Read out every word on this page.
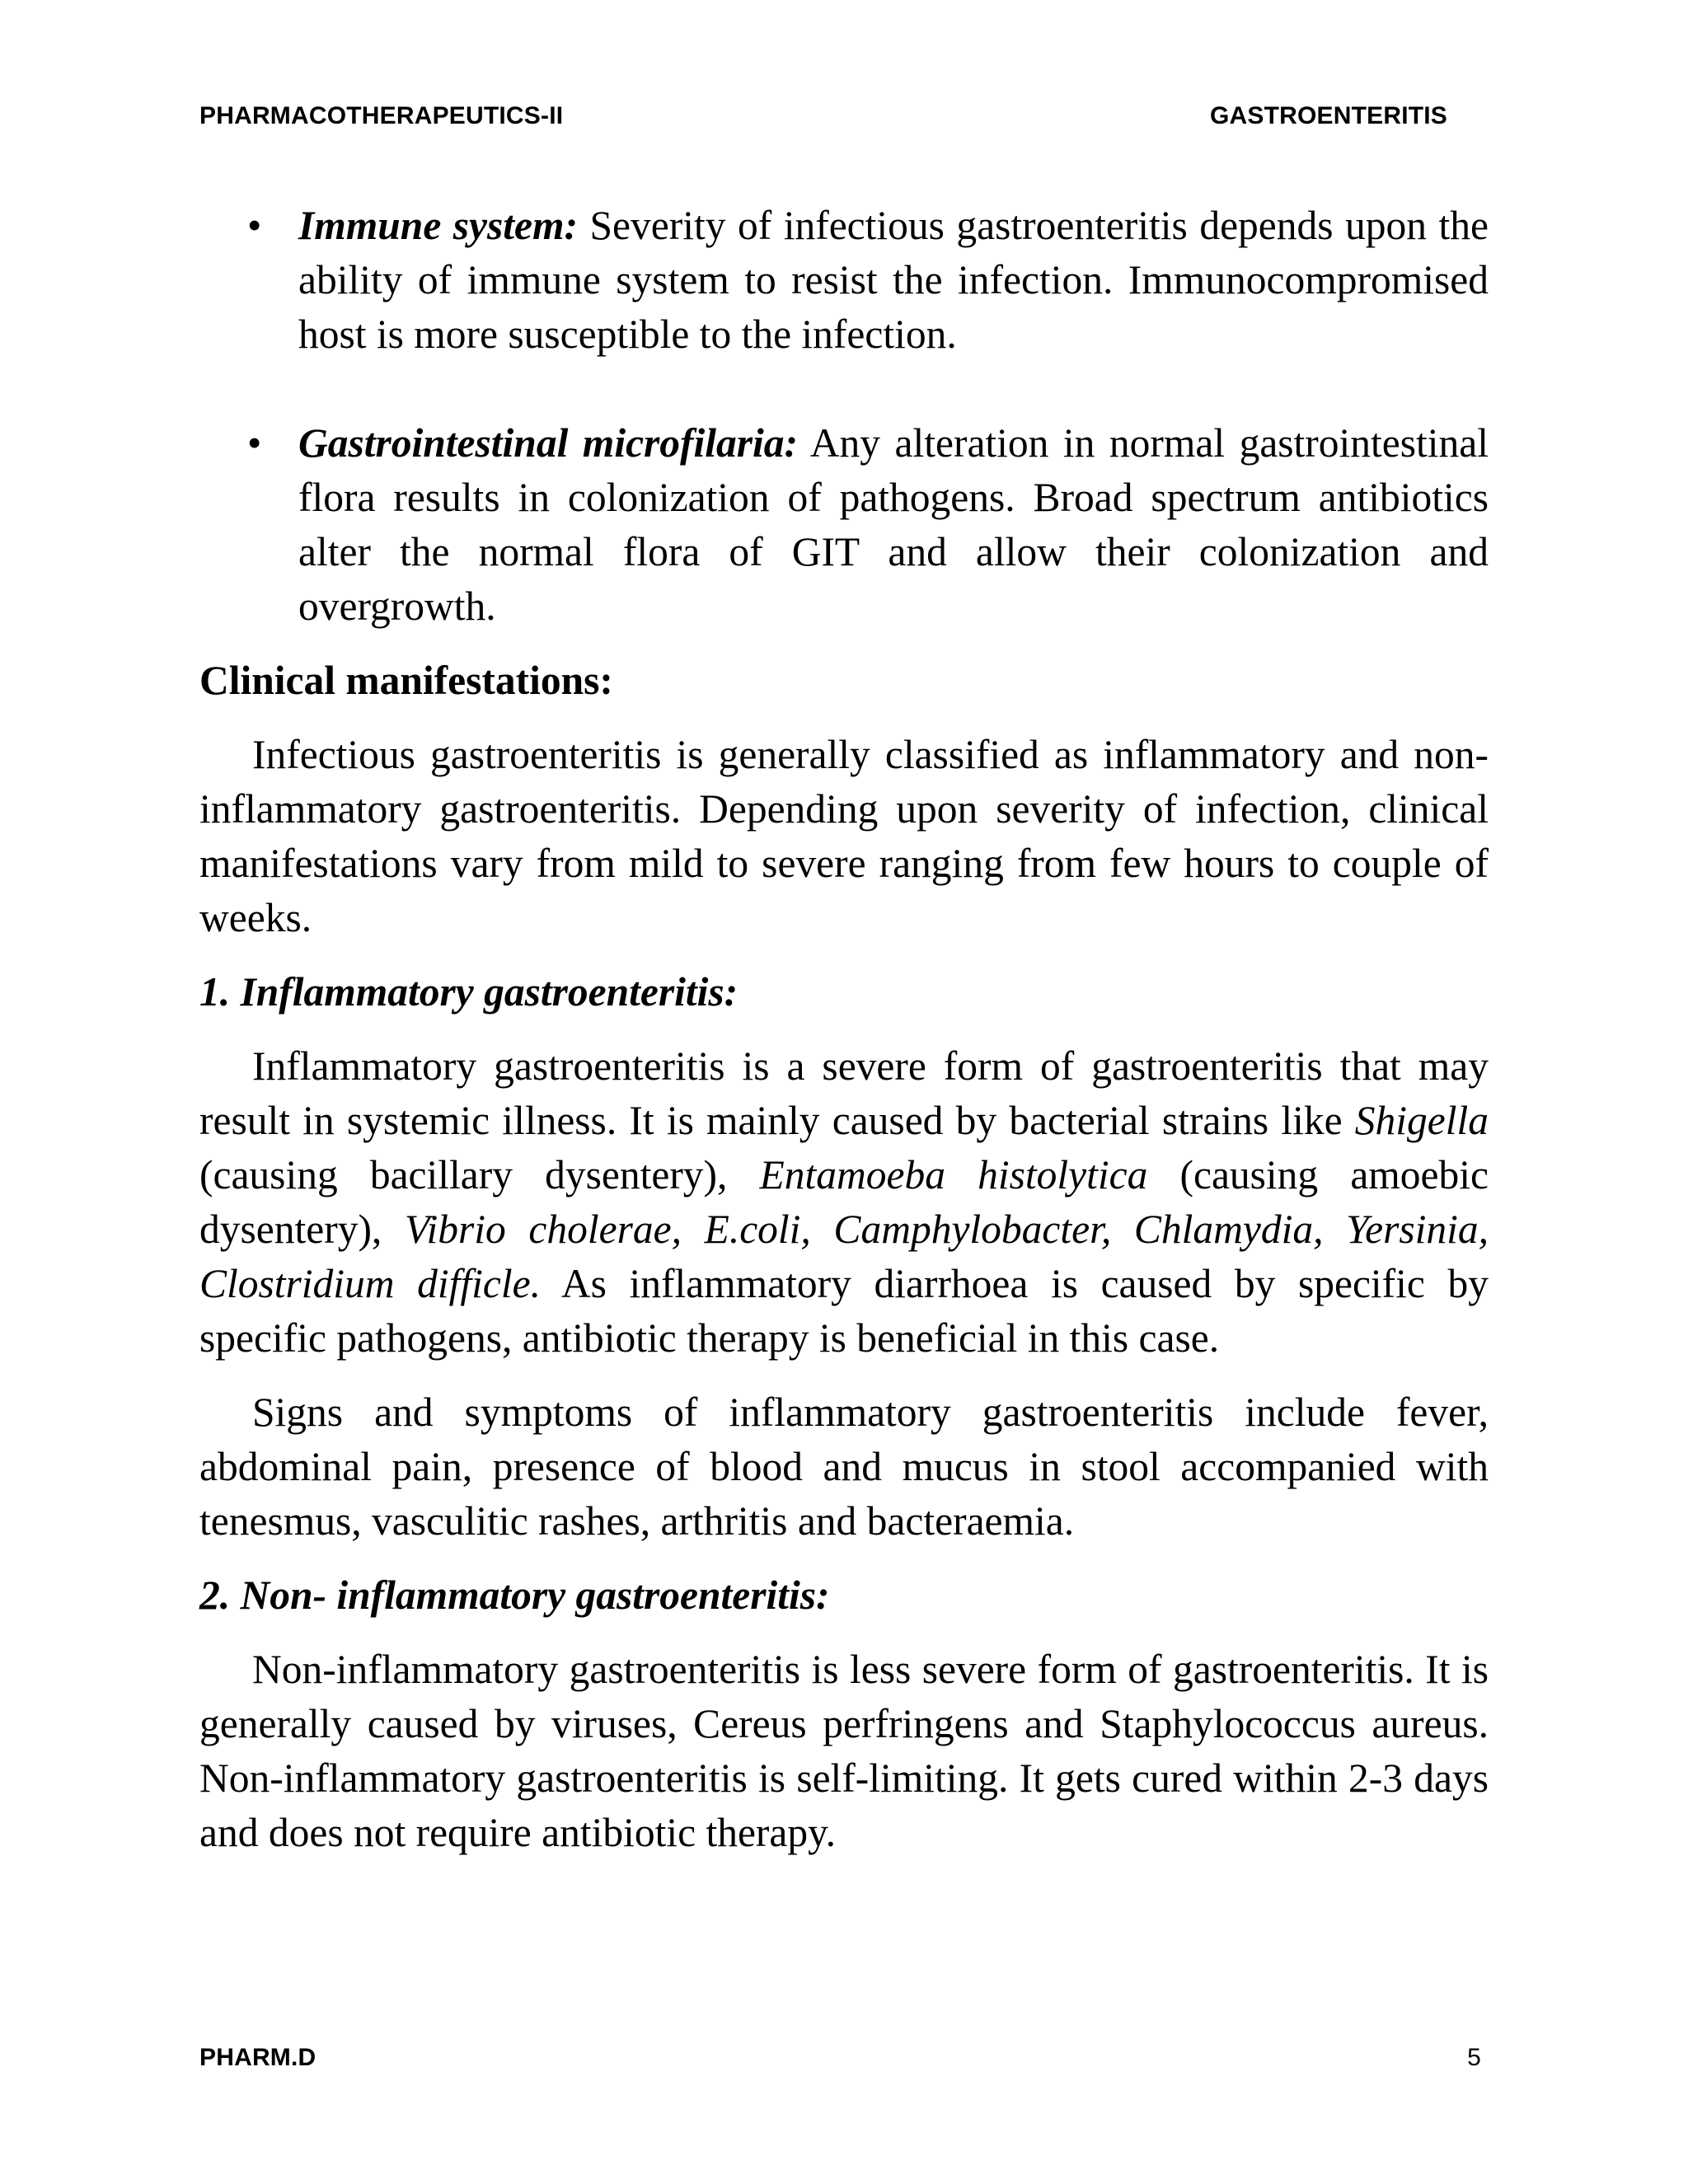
PHARMACOTHERAPEUTICS-II	GASTROENTERITIS
• Immune system: Severity of infectious gastroenteritis depends upon the ability of immune system to resist the infection. Immunocompromised host is more susceptible to the infection.
• Gastrointestinal microfilaria: Any alteration in normal gastrointestinal flora results in colonization of pathogens. Broad spectrum antibiotics alter the normal flora of GIT and allow their colonization and overgrowth.
Clinical manifestations:
Infectious gastroenteritis is generally classified as inflammatory and non-inflammatory gastroenteritis. Depending upon severity of infection, clinical manifestations vary from mild to severe ranging from few hours to couple of weeks.
1. Inflammatory gastroenteritis:
Inflammatory gastroenteritis is a severe form of gastroenteritis that may result in systemic illness. It is mainly caused by bacterial strains like Shigella (causing bacillary dysentery), Entamoeba histolytica (causing amoebic dysentery), Vibrio cholerae, E.coli, Camphylobacter, Chlamydia, Yersinia, Clostridium difficle. As inflammatory diarrhoea is caused by specific by specific pathogens, antibiotic therapy is beneficial in this case.
Signs and symptoms of inflammatory gastroenteritis include fever, abdominal pain, presence of blood and mucus in stool accompanied with tenesmus, vasculitic rashes, arthritis and bacteraemia.
2. Non- inflammatory gastroenteritis:
Non-inflammatory gastroenteritis is less severe form of gastroenteritis. It is generally caused by viruses, Cereus perfringens and Staphylococcus aureus. Non-inflammatory gastroenteritis is self-limiting. It gets cured within 2-3 days and does not require antibiotic therapy.
PHARM.D	5
